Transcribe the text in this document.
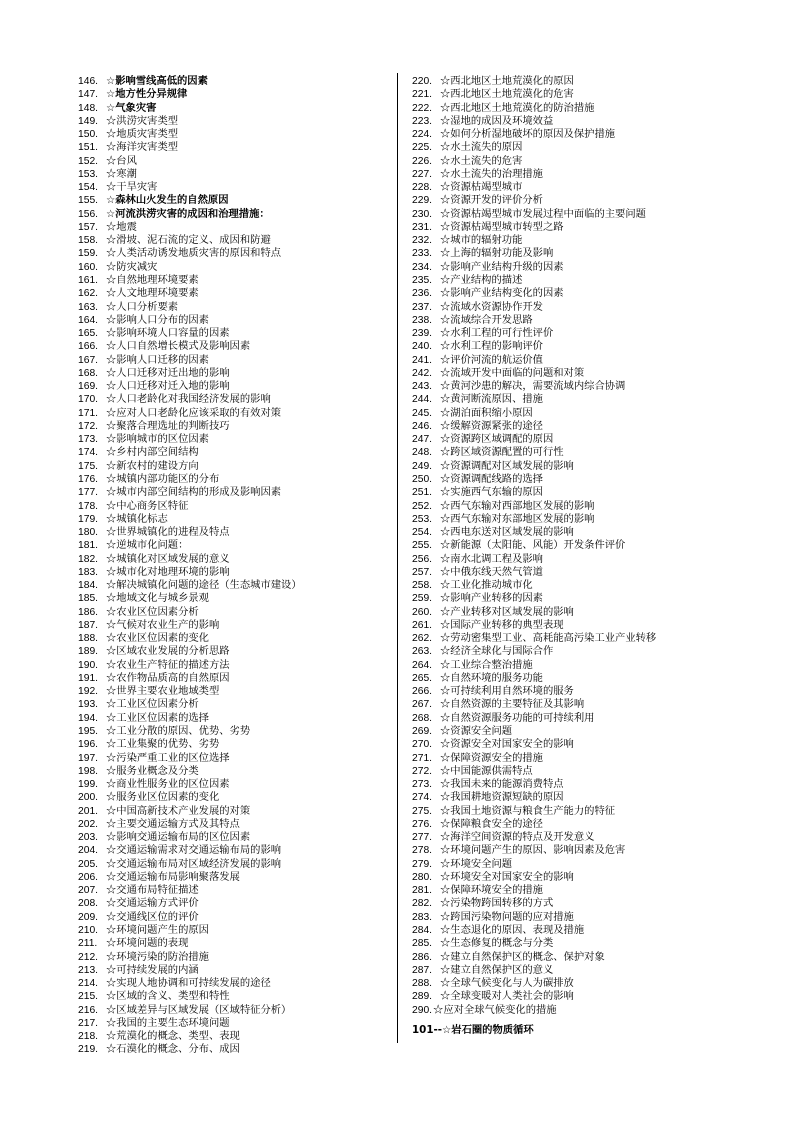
146. ☆影响雪线高低的因素
147. ☆地方性分异规律
148. ☆气象灾害
149. ☆洪涝灾害类型
150. ☆地质灾害类型
151. ☆海洋灾害类型
152. ☆台风
153. ☆寒潮
154. ☆干旱灾害
155. ☆森林山火发生的自然原因
156. ☆河流洪涝灾害的成因和治理措施：
157. ☆地震
158. ☆滑坡、泥石流的定义、成因和防避
159. ☆人类活动诱发地质灾害的原因和特点
160. ☆防灾减灾
161. ☆自然地理环境要素
162. ☆人文地理环境要素
163. ☆人口分析要素
164. ☆影响人口分布的因素
165. ☆影响环境人口容量的因素
166. ☆人口自然增长模式及影响因素
167. ☆影响人口迁移的因素
168. ☆人口迁移对迁出地的影响
169. ☆人口迁移对迁入地的影响
170. ☆人口老龄化对我国经济发展的影响
171. ☆应对人口老龄化应该采取的有效对策
172. ☆聚落合理选址的判断技巧
173. ☆影响城市的区位因素
174. ☆乡村内部空间结构
175. ☆新农村的建设方向
176. ☆城镇内部功能区的分布
177. ☆城市内部空间结构的形成及影响因素
178. ☆中心商务区特征
179. ☆城镇化标志
180. ☆世界城镇化的进程及特点
181. ☆逆城市化问题：
182. ☆城镇化对区域发展的意义
183. ☆城市化对地理环境的影响
184. ☆解决城镇化问题的途径（生态城市建设）
185. ☆地域文化与城乡景观
186. ☆农业区位因素分析
187. ☆气候对农业生产的影响
188. ☆农业区位因素的变化
189. ☆区域农业发展的分析思路
190. ☆农业生产特征的描述方法
191. ☆农作物品质高的自然原因
192. ☆世界主要农业地域类型
193. ☆工业区位因素分析
194. ☆工业区位因素的选择
195. ☆工业分散的原因、优势、劣势
196. ☆工业集聚的优势、劣势
197. ☆污染严重工业的区位选择
198. ☆服务业概念及分类
199. ☆商业性服务业的区位因素
200. ☆服务业区位因素的变化
201. ☆中国高新技术产业发展的对策
202. ☆主要交通运输方式及其特点
203. ☆影响交通运输布局的区位因素
204. ☆交通运输需求对交通运输布局的影响
205. ☆交通运输布局对区域经济发展的影响
206. ☆交通运输布局影响聚落发展
207. ☆交通布局特征描述
208. ☆交通运输方式评价
209. ☆交通线区位的评价
210. ☆环境问题产生的原因
211. ☆环境问题的表现
212. ☆环境污染的防治措施
213. ☆可持续发展的内涵
214. ☆实现人地协调和可持续发展的途径
215. ☆区域的含义、类型和特性
216. ☆区域差异与区域发展（区域特征分析）
217. ☆我国的主要生态环境问题
218. ☆荒漠化的概念、类型、表现
219. ☆石漠化的概念、分布、成因
220. ☆西北地区土地荒漠化的原因
221. ☆西北地区土地荒漠化的危害
222. ☆西北地区土地荒漠化的防治措施
223. ☆湿地的成因及环境效益
224. ☆如何分析湿地破坏的原因及保护措施
225. ☆水土流失的原因
226. ☆水土流失的危害
227. ☆水土流失的治理措施
228. ☆资源枯竭型城市
229. ☆资源开发的评价分析
230. ☆资源枯竭型城市发展过程中面临的主要问题
231. ☆资源枯竭型城市转型之路
232. ☆城市的辐射功能
233. ☆上海的辐射功能及影响
234. ☆影响产业结构升级的因素
235. ☆产业结构的描述
236. ☆影响产业结构变化的因素
237. ☆流域水资源协作开发
238. ☆流域综合开发思路
239. ☆水利工程的可行性评价
240. ☆水利工程的影响评价
241. ☆评价河流的航运价值
242. ☆流域开发中面临的问题和对策
243. ☆黄河沙患的解决，需要流域内综合协调
244. ☆黄河断流原因、措施
245. ☆湖泊面积缩小原因
246. ☆缓解资源紧张的途径
247. ☆资源跨区域调配的原因
248. ☆跨区域资源配置的可行性
249. ☆资源调配对区域发展的影响
250. ☆资源调配线路的选择
251. ☆实施西气东输的原因
252. ☆西气东输对西部地区发展的影响
253. ☆西气东输对东部地区发展的影响
254. ☆西电东送对区域发展的影响
255. ☆新能源（太阳能、风能）开发条件评价
256. ☆南水北调工程及影响
257. ☆中俄东线天然气管道
258. ☆工业化推动城市化
259. ☆影响产业转移的因素
260. ☆产业转移对区域发展的影响
261. ☆国际产业转移的典型表现
262. ☆劳动密集型工业、高耗能高污染工业产业转移
263. ☆经济全球化与国际合作
264. ☆工业综合整治措施
265. ☆自然环境的服务功能
266. ☆可持续利用自然环境的服务
267. ☆自然资源的主要特征及其影响
268. ☆自然资源服务功能的可持续利用
269. ☆资源安全问题
270. ☆资源安全对国家安全的影响
271. ☆保障资源安全的措施
272. ☆中国能源供需特点
273. ☆我国未来的能源消费特点
274. ☆我国耕地资源短缺的原因
275. ☆我国土地资源与粮食生产能力的特征
276. ☆保障粮食安全的途径
277. ☆海洋空间资源的特点及开发意义
278. ☆环境问题产生的原因、影响因素及危害
279. ☆环境安全问题
280. ☆环境安全对国家安全的影响
281. ☆保障环境安全的措施
282. ☆污染物跨国转移的方式
283. ☆跨国污染物问题的应对措施
284. ☆生态退化的原因、表现及措施
285. ☆生态修复的概念与分类
286. ☆建立自然保护区的概念、保护对象
287. ☆建立自然保护区的意义
288. ☆全球气候变化与人为碳排放
289. ☆全球变暖对人类社会的影响
290.☆应对全球气候变化的措施
101--☆岩石圈的物质循环
